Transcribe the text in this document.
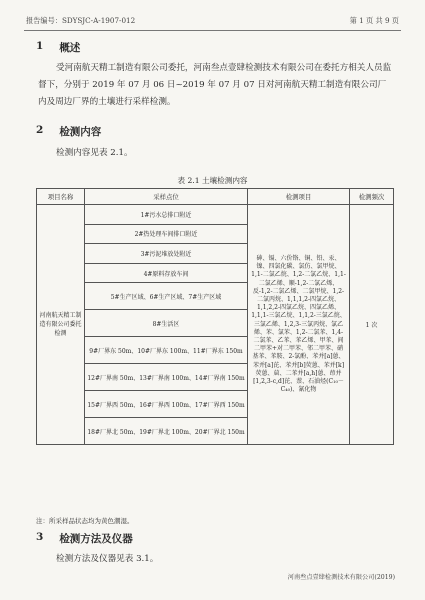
报告编号：SDYSJC-A-1907-012	第 1 页 共 9 页
1 概述

受河南航天精工制造有限公司委托，河南叁点壹肆检测技术有限公司在委托方相关人员监督下，分别于 2019 年 07 月 06 日~2019 年 07 月 07 日对河南航天精工制造有限公司厂内及周边厂界的土壤进行采样检测。

2 检测内容
检测内容见表 2.1。
表 2.1 土壤检测内容
项目名称	采样点位	检测项目	检测频次
河南航天精工制造有限公司委托检测	1#污水总排口附近	砷、镉、六价铬、铜、铅、汞、镍、四氯化碳、氯仿、氯甲烷、1,1-二氯乙烷、1,2-二氯乙烷、1,1-二氯乙烯、顺-1,2-二氯乙烯、反-1,2-二氯乙烯、二氯甲烷、1,2-二氯丙烷、1,1,1,2-四氯乙烷、1,1,2,2-四氯乙烷、四氯乙烯、1,1,1-三氯乙烷、1,1,2-三氯乙烷、三氯乙烯、1,2,3-三氯丙烷、氯乙烯、苯、氯苯、1,2-二氯苯、1,4-二氯苯、乙苯、苯乙烯、甲苯、间二甲苯+对二甲苯、邻二甲苯、硝基苯、苯胺、2-氯酚、苯并[a]蒽、苯并[a]芘、苯并[b]荧蒽、苯并[k]荧蒽、䓛、二苯并[a,h]蒽、茚并[1,2,3-c,d]芘、萘、石油烃(C₁₀－C₄₀)、氰化物	1 次
	2#热处理车间排口附近		
	3#污泥堆放处附近		
	4#原料存放车间		
	5#生产区域、6#生产区域、7#生产区域		
	8#生活区		
	9#厂界东 50m、10#厂界东 100m、11#厂界东 150m		
	12#厂界南 50m、13#厂界南 100m、14#厂界南 150m		
	15#厂界西 50m、16#厂界西 100m、17#厂界西 150m		
	18#厂界北 50m、19#厂界北 100m、20#厂界北 150m		
注：所采样品状态均为黄色潮湿。
3 检测方法及仪器
检测方法及仪器见表 3.1。
河南叁点壹肆检测技术有限公司(2019)
